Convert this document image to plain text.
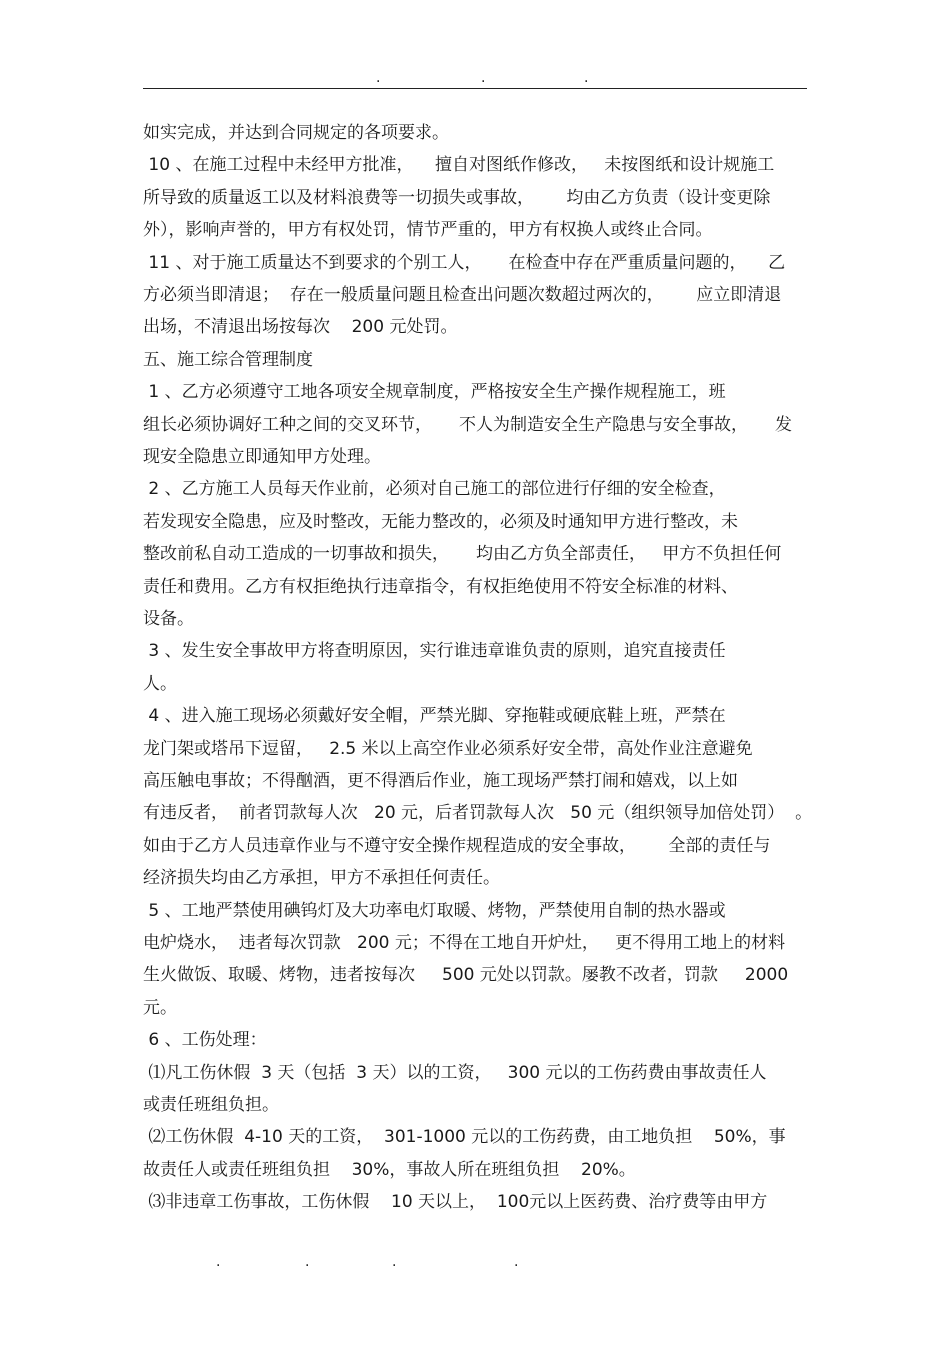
.	.	.
如实完成，并达到合同规定的各项要求。
10 、在施工过程中未经甲方批准，    擅自对图纸作修改，   未按图纸和设计规施工
所导致的质量返工以及材料浪费等一切损失或事故，      均由乙方负责（设计变更除
外），影响声誉的，甲方有权处罚，情节严重的，甲方有权换人或终止合同。
11 、对于施工质量达不到要求的个别工人，     在检查中存在严重质量问题的，    乙
方必须当即清退；  存在一般质量问题且检查出问题次数超过两次的，      应立即清退
出场，不清退出场按每次    200 元处罚。
五、施工综合管理制度
1 、乙方必须遵守工地各项安全规章制度，严格按安全生产操作规程施工，班
组长必须协调好工种之间的交叉环节，     不人为制造安全生产隐患与安全事故，     发
现安全隐患立即通知甲方处理。
2 、乙方施工人员每天作业前，必须对自己施工的部位进行仔细的安全检查，
若发现安全隐患，应及时整改，无能力整改的，必须及时通知甲方进行整改，未
整改前私自动工造成的一切事故和损失，     均由乙方负全部责任，   甲方不负担任何
责任和费用。乙方有权拒绝执行违章指令，有权拒绝使用不符安全标准的材料、
设备。
3 、发生安全事故甲方将查明原因，实行谁违章谁负责的原则，追究直接责任
人。
4 、进入施工现场必须戴好安全帽，严禁光脚、穿拖鞋或硬底鞋上班，严禁在
龙门架或塔吊下逗留，   2.5 米以上高空作业必须系好安全带，高处作业注意避免
高压触电事故；不得酗酒，更不得酒后作业，施工现场严禁打闹和嬉戏，以上如
有违反者，  前者罚款每人次   20 元，后者罚款每人次   50 元（组织领导加倍处罚）  。
如由于乙方人员违章作业与不遵守安全操作规程造成的安全事故，      全部的责任与
经济损失均由乙方承担，甲方不承担任何责任。
5 、工地严禁使用碘钨灯及大功率电灯取暖、烤物，严禁使用自制的热水器或
电炉烧水，  违者每次罚款   200 元；不得在工地自开炉灶，   更不得用工地上的材料
生火做饭、取暖、烤物，违者按每次     500 元处以罚款。屡教不改者，罚款     2000
元。
6 、工伤处理：
⑴凡工伤休假  3 天（包括  3 天）以的工资，   300 元以的工伤药费由事故责任人
或责任班组负担。
⑵工伤休假  4-10 天的工资，  301-1000 元以的工伤药费，由工地负担    50%，事
故责任人或责任班组负担    30%，事故人所在班组负担    20%。
⑶非违章工伤事故，工伤休假    10 天以上，  100元以上医药费、治疗费等由甲方
.	.	.	.
